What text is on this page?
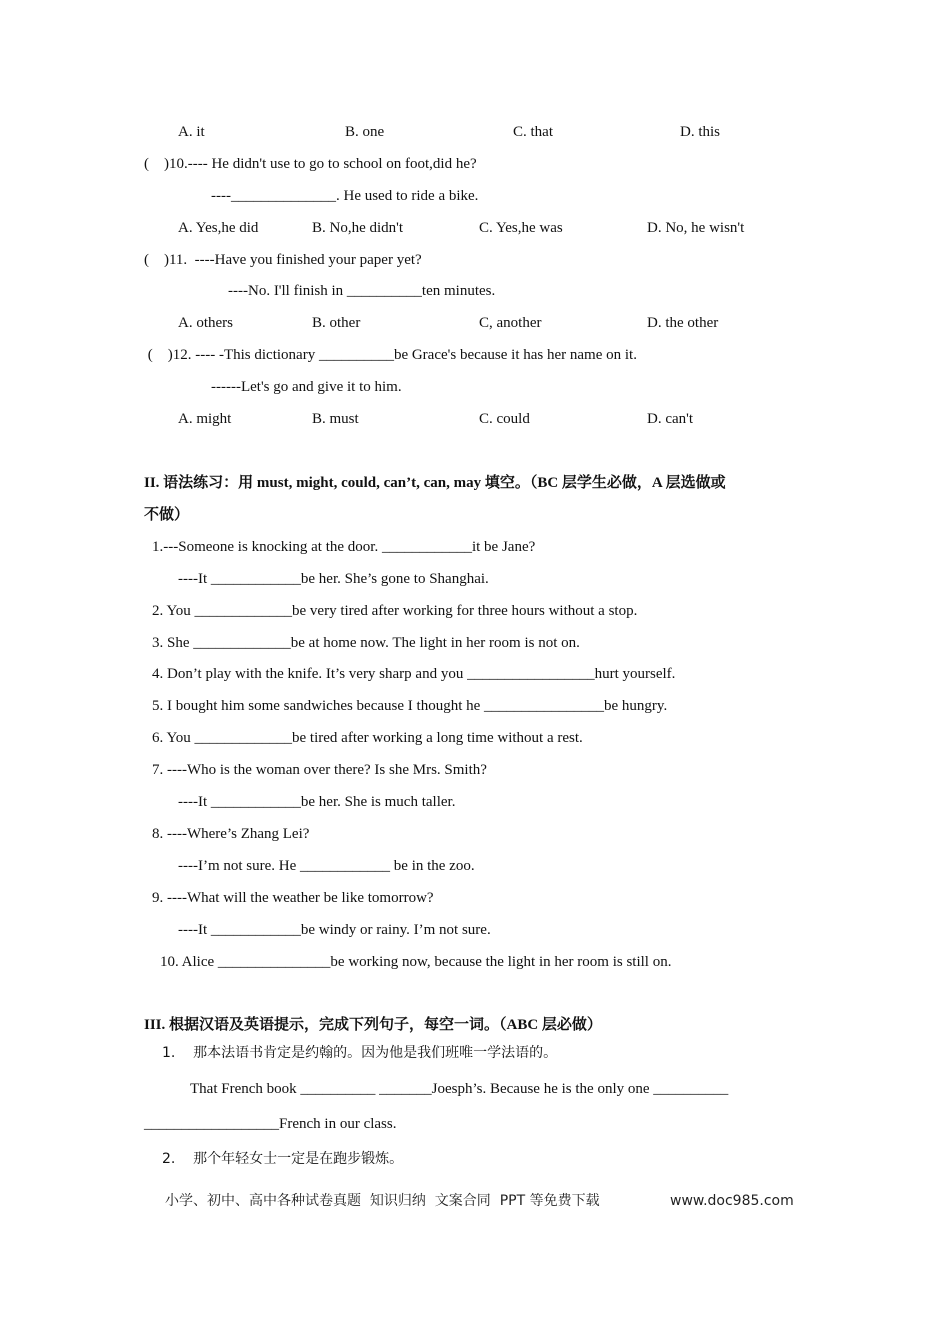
A. it	B. one	C. that	D. this
(    )10.---- He didn't use to go to school on foot,did he?
----______________. He used to ride a bike.
A. Yes,he did	B. No,he didn't	C. Yes,he was	D. No, he wisn't
(    )11.  ----Have you finished your paper yet?
----No. I'll finish in __________ten minutes.
A. others	B. other	C, another	D. the other
(    )12. ---- -This dictionary __________be Grace's because it has her name on it.
------Let's go and give it to him.
A. might	B. must	C. could	D. can't
II. 语法练习：用 must, might, could, can’t, can, may 填空。（BC 层学生必做，A 层选做或
不做）
1.---Someone is knocking at the door. ____________it be Jane?
----It ____________be her. She’s gone to Shanghai.
2. You _____________be very tired after working for three hours without a stop.
3. She _____________be at home now. The light in her room is not on.
4. Don’t play with the knife. It’s very sharp and you _________________hurt yourself.
5. I bought him some sandwiches because I thought he ________________be hungry.
6. You _____________be tired after working a long time without a rest.
7. ----Who is the woman over there? Is she Mrs. Smith?
----It ____________be her. She is much taller.
8. ----Where’s Zhang Lei?
----I’m not sure. He ____________ be in the zoo.
9. ----What will the weather be like tomorrow?
----It ____________be windy or rainy. I’m not sure.
10. Alice _______________be working now, because the light in her room is still on.
III. 根据汉语及英语提示，完成下列句子，每空一词。（ABC 层必做）
1.    那本法语书肯定是约翰的。因为他是我们班唯一学法语的。
That French book __________ _______Joesph’s. Because he is the only one __________
__________________French in our class.
2.    那个年轻女士一定是在跑步锻炼。
小学、初中、高中各种试卷真题  知识归纳  文案合同  PPT 等免费下载	www.doc985.com
